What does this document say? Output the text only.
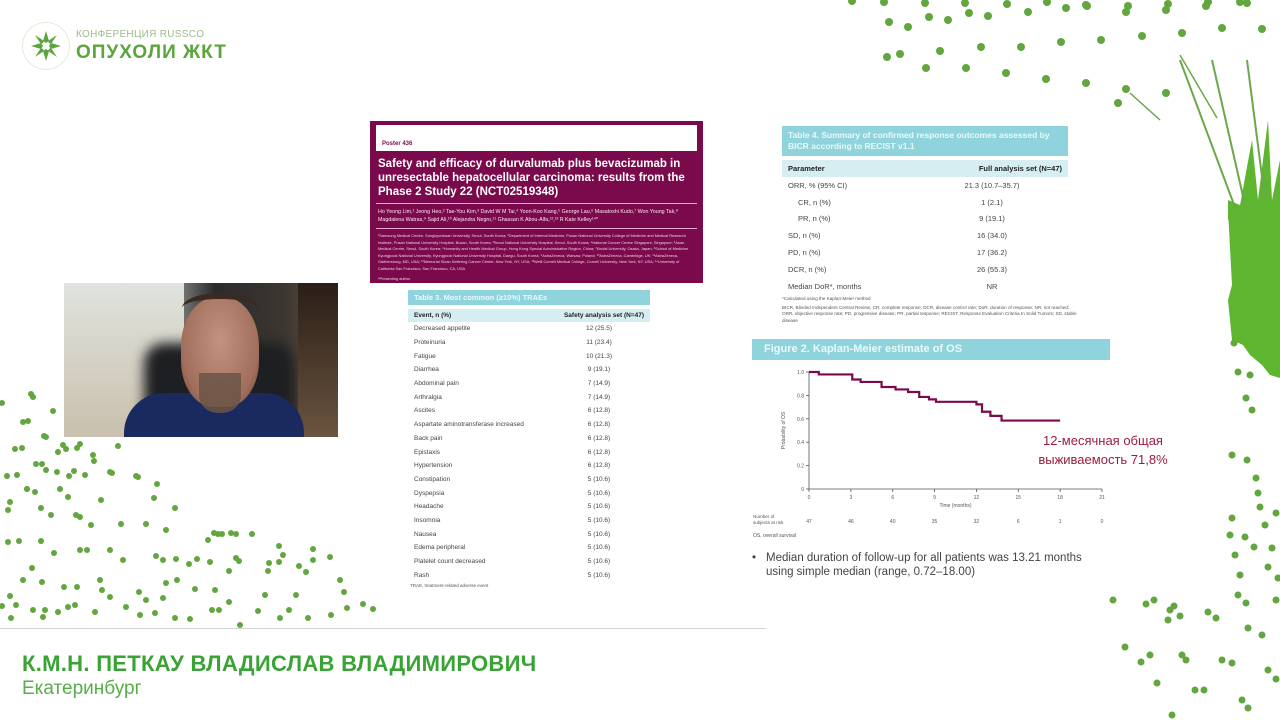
КОНФЕРЕНЦИЯ RUSSCO
ОПУХОЛИ ЖКТ
Poster 436
Safety and efficacy of durvalumab plus bevacizumab in unresectable hepatocellular carcinoma: results from the Phase 2 Study 22 (NCT02519348)
Ho Yeong Lim,¹ Jeong Heo,² Tae-You Kim,³ David W M Tai,⁴ Yoon-Koo Kang,⁵ George Lau,⁶ Masatoshi Kudo,⁷ Won Young Tak,⁸ Magdalena Watras,⁹ Sajid Ali,¹⁰ Alejandra Negro,¹¹ Ghassan K Abou-Alfa,¹²,¹³ R Kate Kelley¹⁴*
¹Samsung Medical Centre, Sungkyunkwan University, Seoul, South Korea; ²Department of Internal Medicine, Pusan National University College of Medicine and Medical Research Institute, Pusan National University Hospital, Busan, South Korea; ³Seoul National University Hospital, Seoul, South Korea; ⁴National Cancer Centre Singapore, Singapore; ⁵Asan Medical Centre, Seoul, South Korea; ⁶Humanity and Health Medical Group, Hong Kong Special Administrative Region, China; ⁷Kindai University, Osaka, Japan; ⁸School of Medicine Kyungpook National University, Kyungpook National University Hospital, Daegu, South Korea; ⁹AstraZeneca, Warsaw, Poland; ¹⁰AstraZeneca, Cambridge, UK; ¹¹AstraZeneca, Gaithersburg, MD, USA; ¹²Memorial Sloan Kettering Cancer Center, New York, NY, USA; ¹³Weill Cornell Medical College, Cornell University, New York, NY, USA; ¹⁴University of California San Francisco, San Francisco, CA, USA
*Presenting author
Table 3. Most common (≥10%) TRAEs
Event, n (%)	Safety analysis set (N=47)
Decreased appetite	12 (25.5)
Proteinuria	11 (23.4)
Fatigue	10 (21.3)
Diarrhea	9 (19.1)
Abdominal pain	7 (14.9)
Arthralgia	7 (14.9)
Ascites	6 (12.8)
Aspartate aminotransferase increased	6 (12.8)
Back pain	6 (12.8)
Epistaxis	6 (12.8)
Hypertension	6 (12.8)
Constipation	5 (10.6)
Dyspepsia	5 (10.6)
Headache	5 (10.6)
Insomnia	5 (10.6)
Nausea	5 (10.6)
Edema peripheral	5 (10.6)
Platelet count decreased	5 (10.6)
Rash	5 (10.6)
TRAE, treatment-related adverse event
Table 4. Summary of confirmed response outcomes assessed by BICR according to RECIST v1.1
Parameter	Full analysis set (N=47)
ORR, % (95% CI)	21.3 (10.7–35.7)
CR, n (%)	1 (2.1)
PR, n (%)	9 (19.1)
SD, n (%)	16 (34.0)
PD, n (%)	17 (36.2)
DCR, n (%)	26 (55.3)
Median DoR*, months	NR
*Calculated using the Kaplan-Meier method
BICR, Blinded Independent Central Review; CR, complete response; DCR, disease control rate; DoR, duration of response; NR, not reached; ORR, objective response rate; PD, progressive disease; PR, partial response; RECIST, Response Evaluation Criteria In Solid Tumors; SD, stable disease
Figure 2. Kaplan-Meier estimate of OS
0
0.2
0.4
0.6
0.8
1.0
0
47
3
46
6
40
9
35
12
32
15
6
18
1
21
0
Time (months)
Probability of OS
Number of
subjects at risk
OS, overall survival
12-месячная общая
выживаемость 71,8%
• Median duration of follow-up for all patients was 13.21 months using simple median (range, 0.72–18.00)
К.М.Н. ПЕТКАУ ВЛАДИСЛАВ ВЛАДИМИРОВИЧ
Екатеринбург
